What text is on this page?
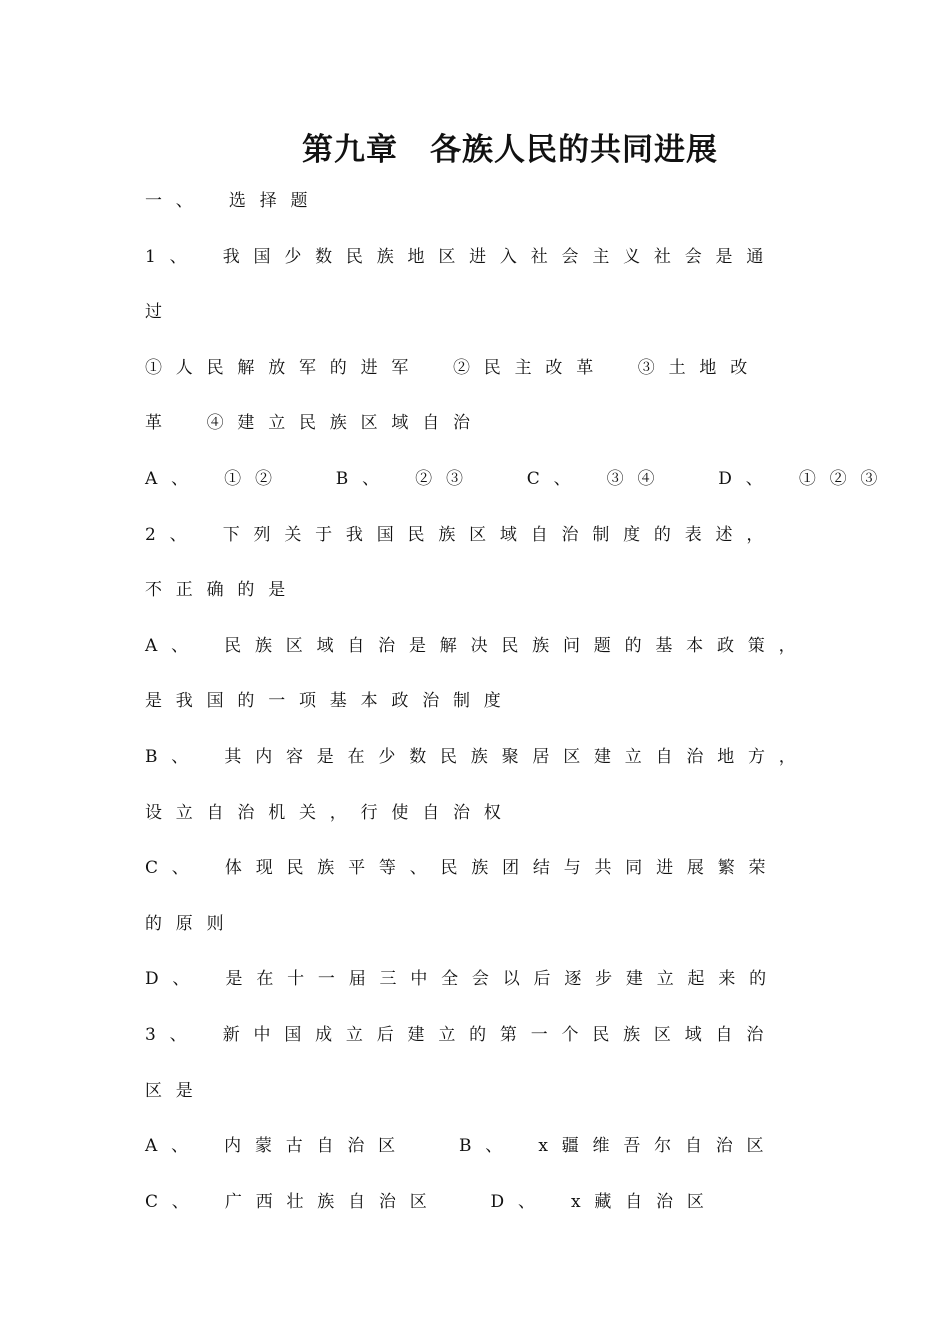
第九章　各族人民的共同进展
一、　选择题
1、　我国少数民族地区进入社会主义社会是通
过
①人民解放军的进军　②民主改革　③土地改
革　④建立民族区域自治
A、　①②　 B、　②③　 C、　③④　 D、　①②③
2、　下列关于我国民族区域自治制度的表述，
不正确的是
A、　民族区域自治是解决民族问题的基本政策，
是我国的一项基本政治制度
B、　其内容是在少数民族聚居区建立自治地方，
设立自治机关，行使自治权
C、　体现民族平等、民族团结与共同进展繁荣
的原则
D、　是在十一届三中全会以后逐步建立起来的
3、　新中国成立后建立的第一个民族区域自治
区是
A、　内蒙古自治区　 B、　x疆维吾尔自治区
C、　广西壮族自治区　 D、　x藏自治区
